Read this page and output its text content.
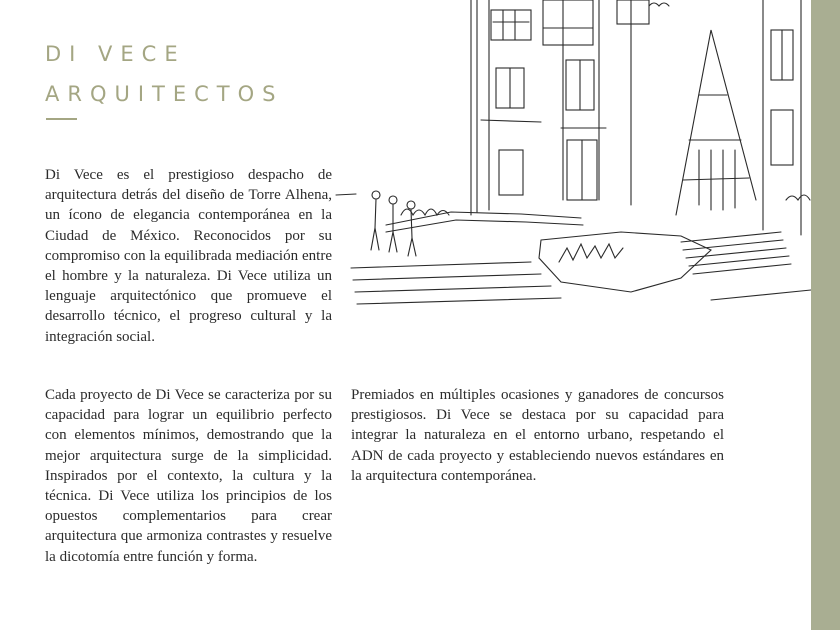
DI VECE
ARQUITECTOS

Di Vece es el prestigioso despacho de arquitectura detrás del diseño de Torre Alhena, un ícono de elegancia contemporánea en la Ciudad de México. Reconocidos por su compromiso con la equilibrada mediación entre el hombre y la naturaleza. Di Vece utiliza un lenguaje arquitectónico que promueve el desarrollo técnico, el progreso cultural y la integración social.

Cada proyecto de Di Vece se caracteriza por su capacidad para lograr un equilibrio perfecto con elementos mínimos, demostrando que la mejor arquitectura surge de la simplicidad. Inspirados por el contexto, la cultura y la técnica. Di Vece utiliza los principios de los opuestos complementarios para crear arquitectura que armoniza contrastes y resuelve la dicotomía entre función y forma.

Premiados en múltiples ocasiones y ganadores de concursos prestigiosos. Di Vece se destaca por su capacidad para integrar la naturaleza en el entorno urbano, respetando el ADN de cada proyecto y estableciendo nuevos estándares en la arquitectura contemporánea.
